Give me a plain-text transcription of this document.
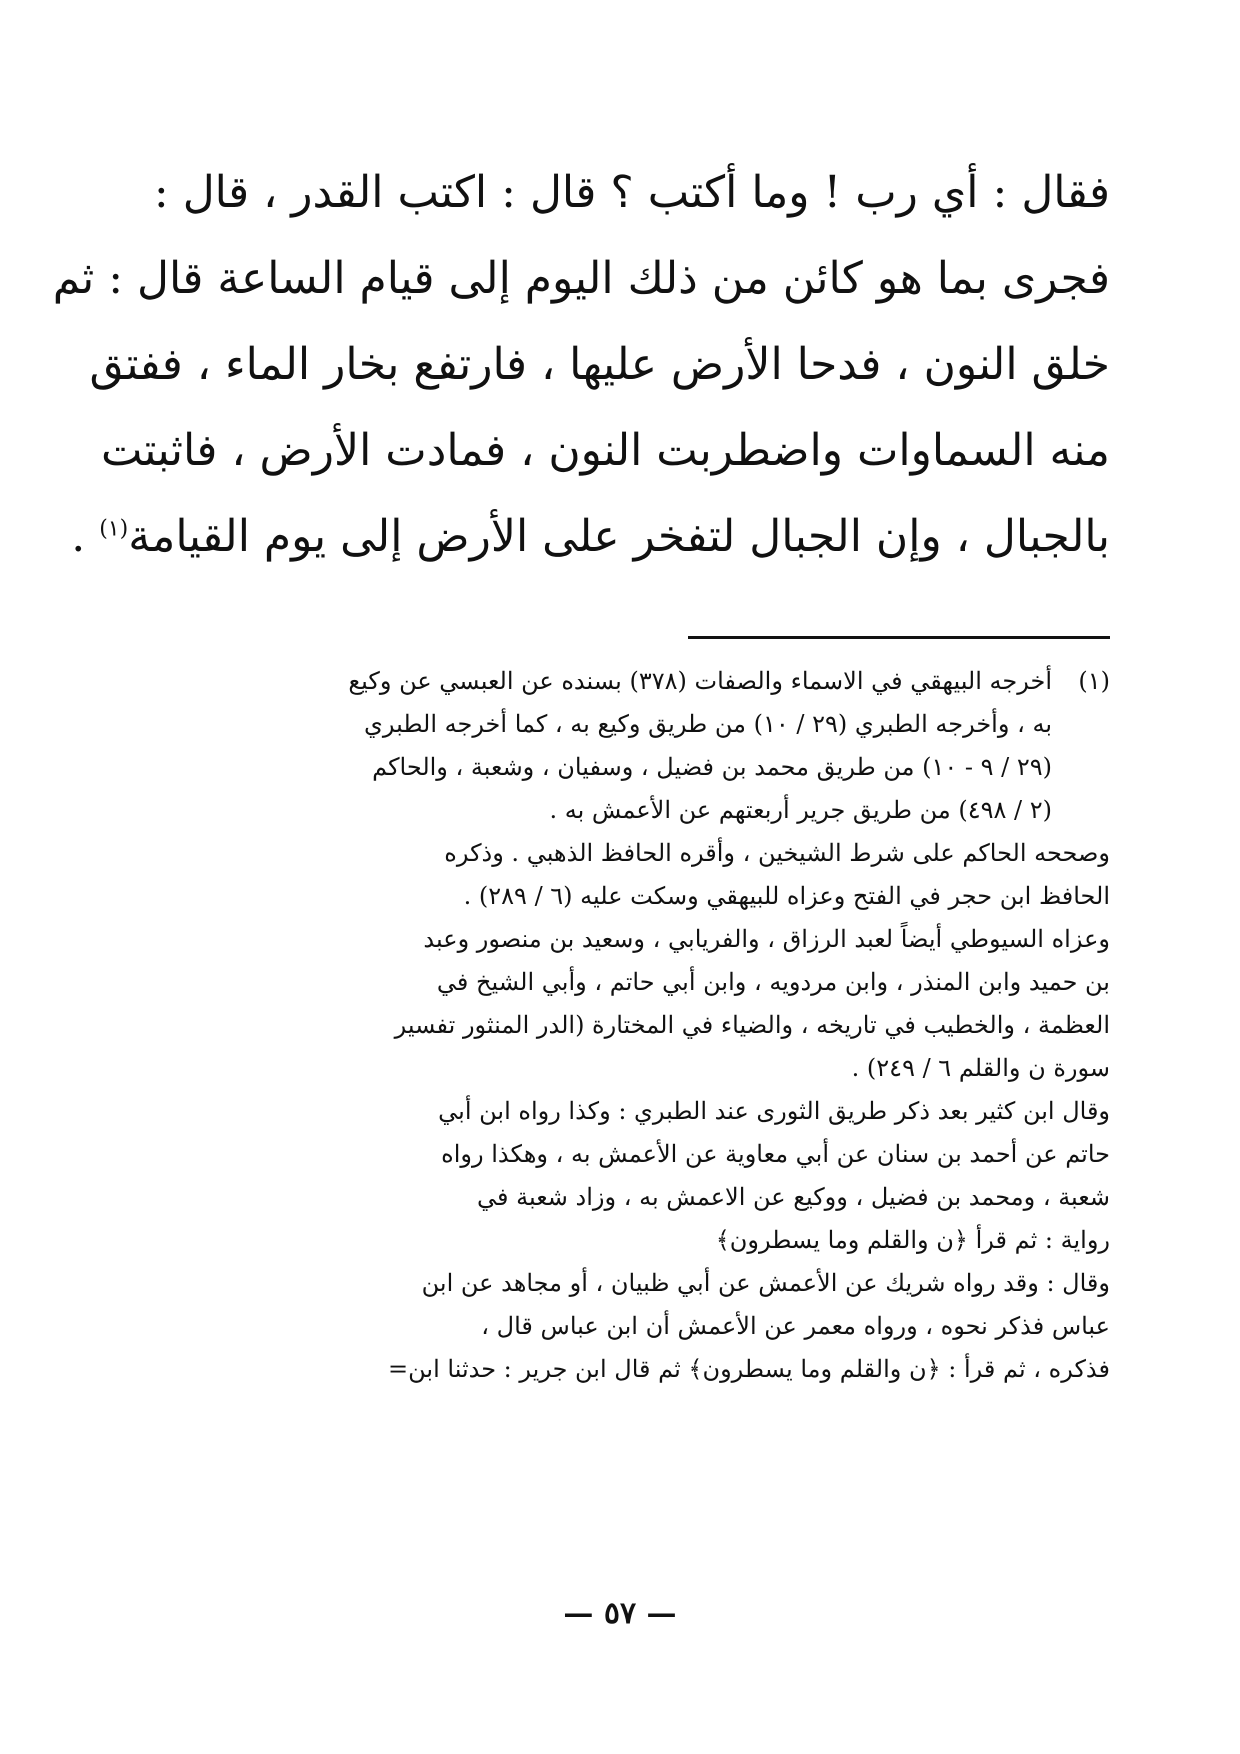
فقال : أي رب ! وما أكتب ؟ قال : اكتب القدر ، قال :
فجرى بما هو كائن من ذلك اليوم إلى قيام الساعة قال : ثم
خلق النون ، فدحا الأرض عليها ، فارتفع بخار الماء ، ففتق
منه السماوات واضطربت النون ، فمادت الأرض ، فاثبتت
بالجبال ، وإن الجبال لتفخر على الأرض إلى يوم القيامة$^{(١)}$ .
(١)أخرجه البيهقي في الاسماء والصفات (٣٧٨) بسنده عن العبسي عن وكيع
به ، وأخرجه الطبري (٢٩ / ١٠) من طريق وكيع به ، كما أخرجه الطبري
(٢٩ / ٩ - ١٠) من طريق محمد بن فضيل ، وسفيان ، وشعبة ، والحاكم
(٢ / ٤٩٨) من طريق جرير أربعتهم عن الأعمش به .
وصححه الحاكم على شرط الشيخين ، وأقره الحافظ الذهبي . وذكره
الحافظ ابن حجر في الفتح وعزاه للبيهقي وسكت عليه (٦ / ٢٨٩) .
وعزاه السيوطي أيضاً لعبد الرزاق ، والفريابي ، وسعيد بن منصور وعبد
بن حميد وابن المنذر ، وابن مردويه ، وابن أبي حاتم ، وأبي الشيخ في
العظمة ، والخطيب في تاريخه ، والضياء في المختارة (الدر المنثور تفسير
سورة ن والقلم ٦ / ٢٤٩) .
وقال ابن كثير بعد ذكر طريق الثورى عند الطبري : وكذا رواه ابن أبي
حاتم عن أحمد بن سنان عن أبي معاوية عن الأعمش به ، وهكذا رواه
شعبة ، ومحمد بن فضيل ، ووكيع عن الاعمش به ، وزاد شعبة في
رواية : ثم قرأ ﴿ن والقلم وما يسطرون﴾
وقال : وقد رواه شريك عن الأعمش عن أبي ظبيان ، أو مجاهد عن ابن
عباس فذكر نحوه ، ورواه معمر عن الأعمش أن ابن عباس قال ،
فذكره ، ثم قرأ : ﴿ن والقلم وما يسطرون﴾ ثم قال ابن جرير : حدثنا ابن=
— ٥٧ —
